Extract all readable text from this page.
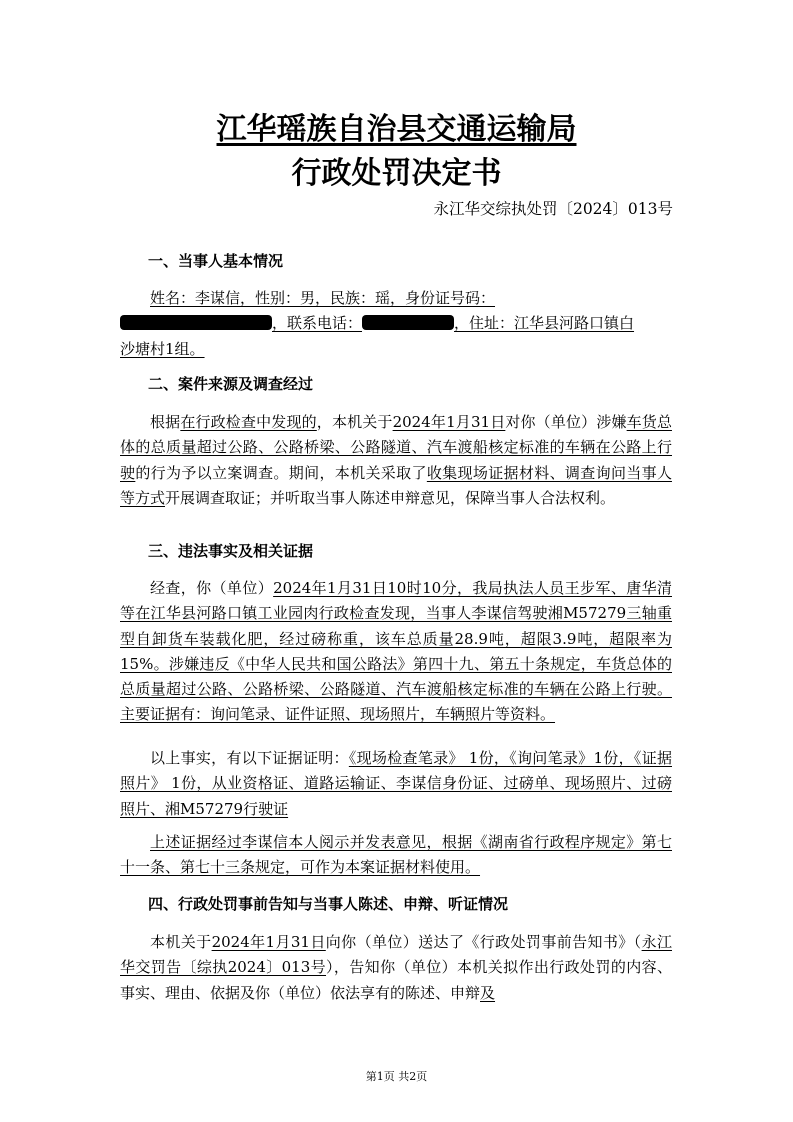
江华瑶族自治县交通运输局
行政处罚决定书
永江华交综执处罚〔2024〕013号
一、当事人基本情况
姓名：李谋信，性别：男，民族：瑶，身份证号码：
，联系电话：	，住址：江华县河路口镇白
沙塘村1组。
二、案件来源及调查经过
根据在行政检查中发现的，本机关于2024年1月31日对你（单位）涉嫌车货总体的总质量超过公路、公路桥梁、公路隧道、汽车渡船核定标准的车辆在公路上行驶的行为予以立案调查。期间，本机关采取了收集现场证据材料、调查询问当事人等方式开展调查取证；并听取当事人陈述申辩意见，保障当事人合法权利。
三、违法事实及相关证据
经查，你（单位）2024年1月31日10时10分，我局执法人员王步军、唐华清等在江华县河路口镇工业园肉行政检查发现，当事人李谋信驾驶湘M57279三轴重型自卸货车装载化肥，经过磅称重，该车总质量28.9吨，超限3.9吨，超限率为15%。涉嫌违反《中华人民共和国公路法》第四十九、第五十条规定，车货总体的总质量超过公路、公路桥梁、公路隧道、汽车渡船核定标准的车辆在公路上行驶。主要证据有：询问笔录、证件证照、现场照片，车辆照片等资料。
以上事实，有以下证据证明：《现场检查笔录》 1份，《询问笔录》1份，《证据照片》 1份，从业资格证、道路运输证、李谋信身份证、过磅单、现场照片、过磅照片、湘M57279行驶证
上述证据经过李谋信本人阅示并发表意见，根据《湖南省行政程序规定》第七十一条、第七十三条规定，可作为本案证据材料使用。
四、行政处罚事前告知与当事人陈述、申辩、听证情况
本机关于2024年1月31日向你（单位）送达了《行政处罚事前告知书》（永江华交罚告〔综执2024〕013号），告知你（单位）本机关拟作出行政处罚的内容、事实、理由、依据及你（单位）依法享有的陈述、申辩及
第1页 共2页
